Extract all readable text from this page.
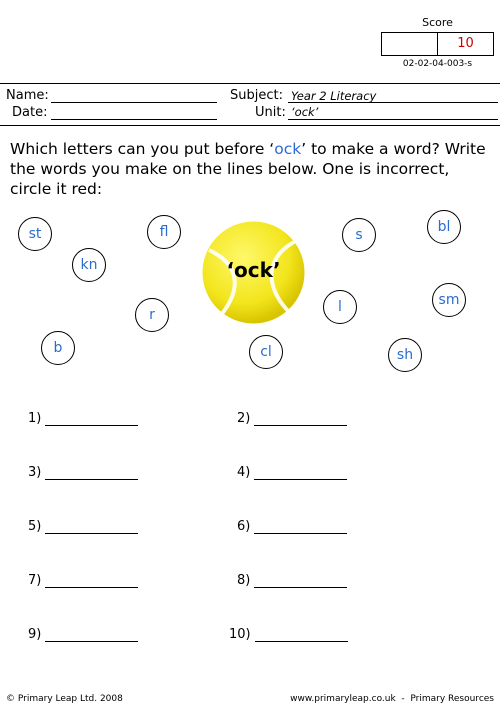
Score
10
02-02-04-003-s
Name:
Date:
Subject: Year 2 Literacy
Unit: ‘ock’
Which letters can you put before ‘ock’ to make a word? Write the words you make on the lines below. One is incorrect, circle it red:
st	fl
kn
r
b	cl
l
s	bl
sm
sh
‘ock’
1)	2)
3)	4)
5)	6)
7)	8)
9)	10)
© Primary Leap Ltd. 2008	www.primaryleap.co.uk  -  Primary Resources
